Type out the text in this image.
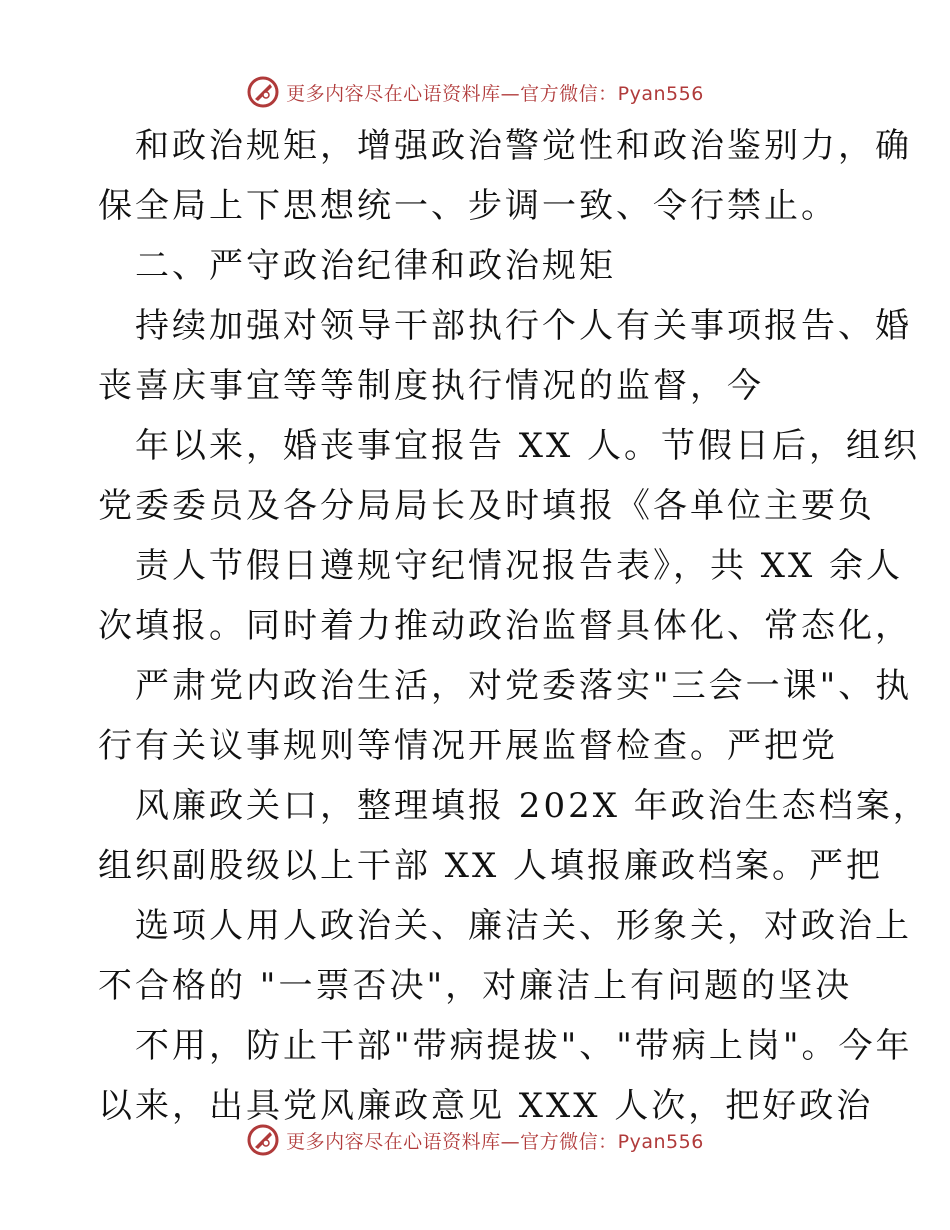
更多内容尽在心语资料库—官方微信：Pyan556
和政治规矩，增强政治警觉性和政治鉴别力，确
保全局上下思想统一、步调一致、令行禁止。
二、严守政治纪律和政治规矩
持续加强对领导干部执行个人有关事项报告、婚
丧喜庆事宜等等制度执行情况的监督，今
年以来，婚丧事宜报告 XX 人。节假日后，组织
党委委员及各分局局长及时填报《各单位主要负
责人节假日遵规守纪情况报告表》，共 XX 余人
次填报。同时着力推动政治监督具体化、常态化，
严肃党内政治生活，对党委落实"三会一课"、执
行有关议事规则等情况开展监督检查。严把党
风廉政关口，整理填报 202X 年政治生态档案，
组织副股级以上干部 XX 人填报廉政档案。严把
选项人用人政治关、廉洁关、形象关，对政治上
不合格的 "一票否决"，对廉洁上有问题的坚决
不用，防止干部"带病提拔"、"带病上岗"。今年
以来，出具党风廉政意见 XXX 人次，把好政治
更多内容尽在心语资料库—官方微信：Pyan556
